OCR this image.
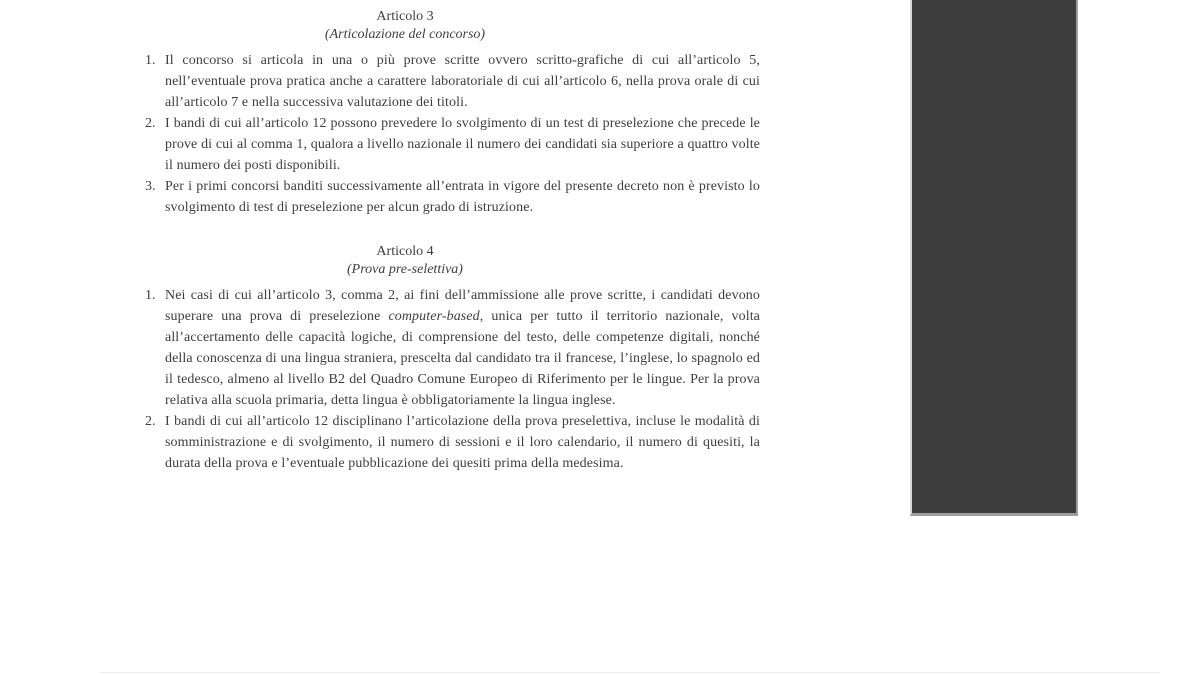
Articolo 3
(Articolazione del concorso)
1. Il concorso si articola in una o più prove scritte ovvero scritto-grafiche di cui all’articolo 5, nell’eventuale prova pratica anche a carattere laboratoriale di cui all’articolo 6, nella prova orale di cui all’articolo 7 e nella successiva valutazione dei titoli.
2. I bandi di cui all’articolo 12 possono prevedere lo svolgimento di un test di preselezione che precede le prove di cui al comma 1, qualora a livello nazionale il numero dei candidati sia superiore a quattro volte il numero dei posti disponibili.
3. Per i primi concorsi banditi successivamente all’entrata in vigore del presente decreto non è previsto lo svolgimento di test di preselezione per alcun grado di istruzione.
Articolo 4
(Prova pre-selettiva)
1. Nei casi di cui all’articolo 3, comma 2, ai fini dell’ammissione alle prove scritte, i candidati devono superare una prova di preselezione computer-based, unica per tutto il territorio nazionale, volta all’accertamento delle capacità logiche, di comprensione del testo, delle competenze digitali, nonché della conoscenza di una lingua straniera, prescelta dal candidato tra il francese, l’inglese, lo spagnolo ed il tedesco, almeno al livello B2 del Quadro Comune Europeo di Riferimento per le lingue. Per la prova relativa alla scuola primaria, detta lingua è obbligatoriamente la lingua inglese.
2. I bandi di cui all’articolo 12 disciplinano l’articolazione della prova preselettiva, incluse le modalità di somministrazione e di svolgimento, il numero di sessioni e il loro calendario, il numero di quesiti, la durata della prova e l’eventuale pubblicazione dei quesiti prima della medesima.
